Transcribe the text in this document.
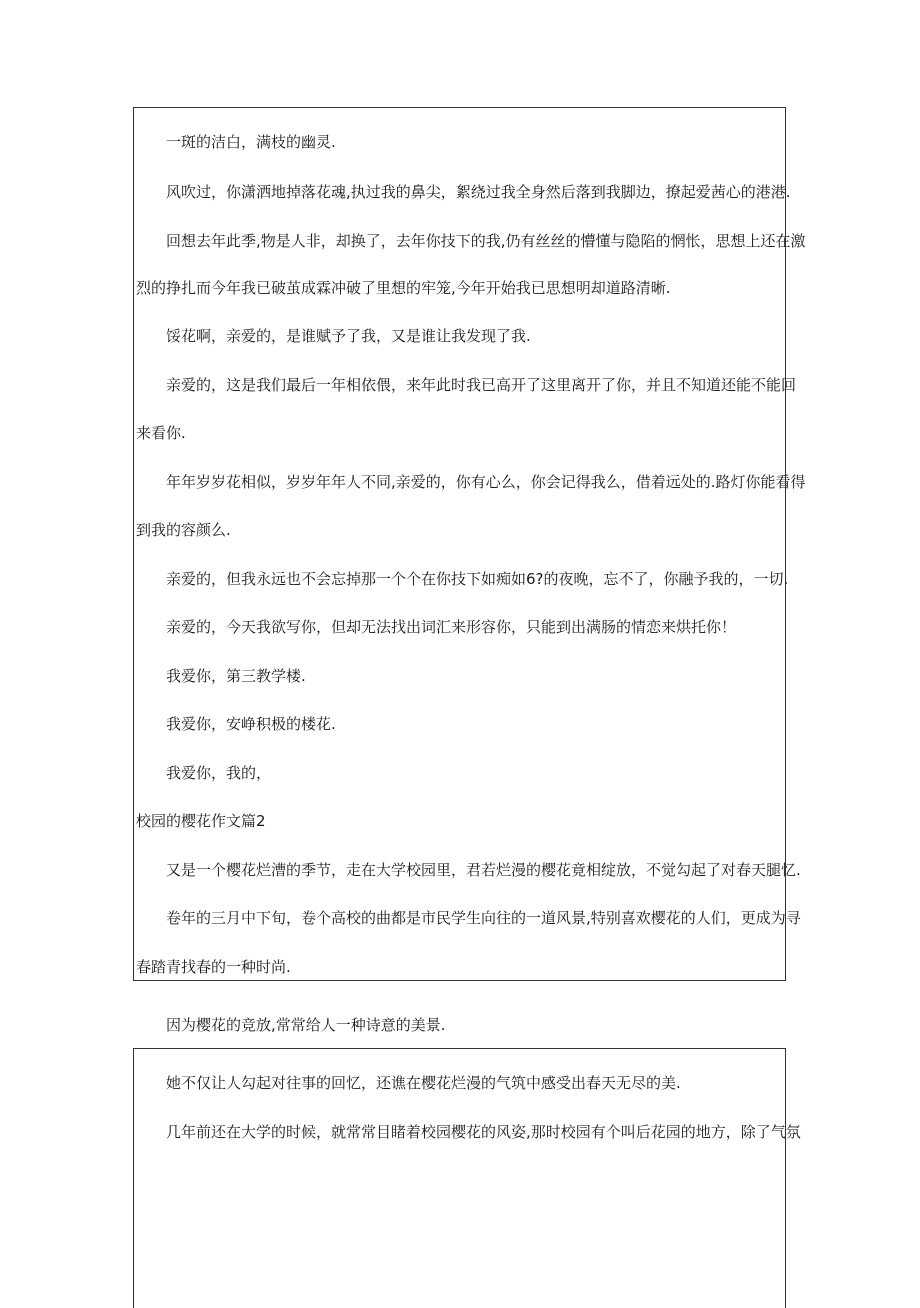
一斑的洁白，满枝的幽灵.
风吹过，你潇洒地掉落花魂,执过我的鼻尖，絮绕过我全身然后落到我脚边，撩起爱茜心的港港.
回想去年此季,物是人非，却换了，去年你技下的我,仍有丝丝的懵懂与隐陷的惘怅，思想上还在激
烈的挣扎而今年我已破茧成霖冲破了里想的牢笼,今年开始我已思想明却道路清晰.
馁花啊，亲爱的，是谁赋予了我，又是谁让我发现了我.
亲爱的，这是我们最后一年相依偎，来年此时我已高开了这里离开了你，并且不知道还能不能回
来看你.
年年岁岁花相似，岁岁年年人不同,亲爱的，你有心么，你会记得我么，借着远处的.路灯你能看得
到我的容颜么.
亲爱的，但我永远也不会忘掉那一个个在你技下如痴如6?的夜晚，忘不了，你融予我的，一切.
亲爱的，今天我欲写你，但却无法找出词汇来形容你，只能到出满肠的情恋来烘托你！
我爱你，第三教学楼.
我爱你，安峥积极的楼花.
我爱你，我的，
校园的樱花作文篇2
又是一个樱花烂漕的季节，走在大学校园里，君若烂漫的樱花竟相绽放，不觉勾起了对春天腿忆.
卷年的三月中下旬，卷个高校的曲都是市民学生向往的一道风景,特别喜欢樱花的人们，更成为寻
春踏青找春的一种时尚.
因为樱花的竞放,常常给人一种诗意的美景.
她不仅让人勾起对往事的回忆，还谯在樱花烂漫的气筑中感受出春天无尽的美.
几年前还在大学的时候，就常常目睹着校园樱花的风姿,那时校园有个叫后花园的地方，除了气氛
